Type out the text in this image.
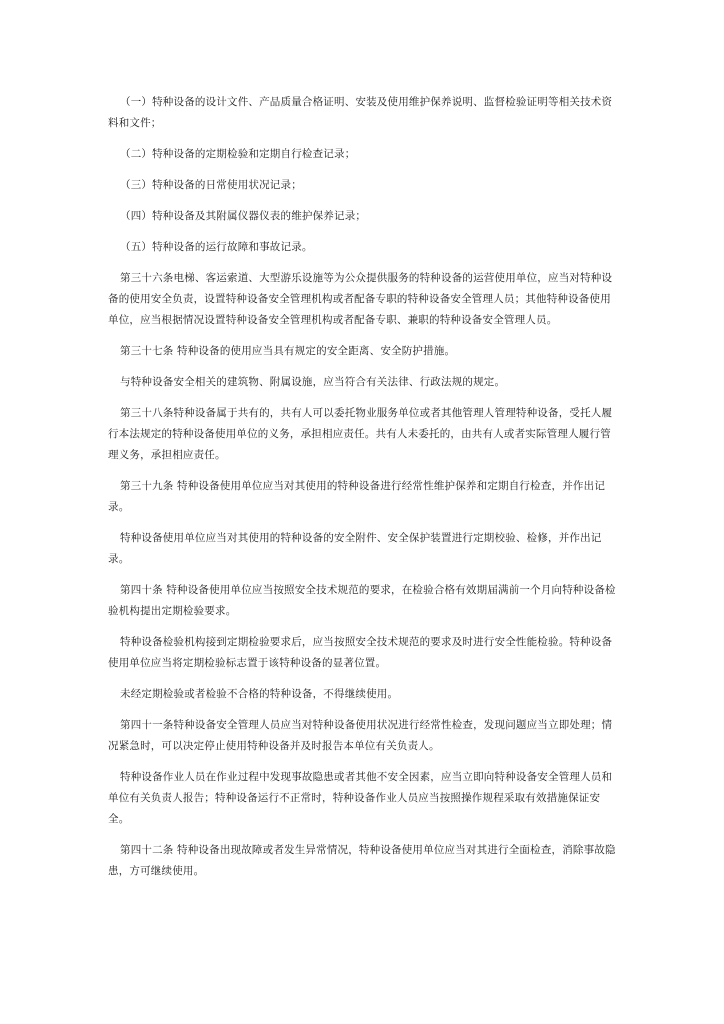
（一）特种设备的设计文件、产品质量合格证明、安装及使用维护保养说明、监督检验证明等相关技术资料和文件；

（二）特种设备的定期检验和定期自行检查记录；

（三）特种设备的日常使用状况记录；

（四）特种设备及其附属仪器仪表的维护保养记录；

（五）特种设备的运行故障和事故记录。

第三十六条电梯、客运索道、大型游乐设施等为公众提供服务的特种设备的运营使用单位，应当对特种设备的使用安全负责，设置特种设备安全管理机构或者配备专职的特种设备安全管理人员；其他特种设备使用单位，应当根据情况设置特种设备安全管理机构或者配备专职、兼职的特种设备安全管理人员。

第三十七条 特种设备的使用应当具有规定的安全距离、安全防护措施。

与特种设备安全相关的建筑物、附属设施，应当符合有关法律、行政法规的规定。

第三十八条特种设备属于共有的，共有人可以委托物业服务单位或者其他管理人管理特种设备，受托人履行本法规定的特种设备使用单位的义务，承担相应责任。共有人未委托的，由共有人或者实际管理人履行管理义务，承担相应责任。

第三十九条 特种设备使用单位应当对其使用的特种设备进行经常性维护保养和定期自行检查，并作出记录。

特种设备使用单位应当对其使用的特种设备的安全附件、安全保护装置进行定期校验、检修，并作出记录。

第四十条 特种设备使用单位应当按照安全技术规范的要求，在检验合格有效期届满前一个月向特种设备检验机构提出定期检验要求。

特种设备检验机构接到定期检验要求后，应当按照安全技术规范的要求及时进行安全性能检验。特种设备使用单位应当将定期检验标志置于该特种设备的显著位置。

未经定期检验或者检验不合格的特种设备，不得继续使用。

第四十一条特种设备安全管理人员应当对特种设备使用状况进行经常性检查，发现问题应当立即处理；情况紧急时，可以决定停止使用特种设备并及时报告本单位有关负责人。

特种设备作业人员在作业过程中发现事故隐患或者其他不安全因素，应当立即向特种设备安全管理人员和单位有关负责人报告；特种设备运行不正常时，特种设备作业人员应当按照操作规程采取有效措施保证安全。

第四十二条 特种设备出现故障或者发生异常情况，特种设备使用单位应当对其进行全面检查，消除事故隐患，方可继续使用。
